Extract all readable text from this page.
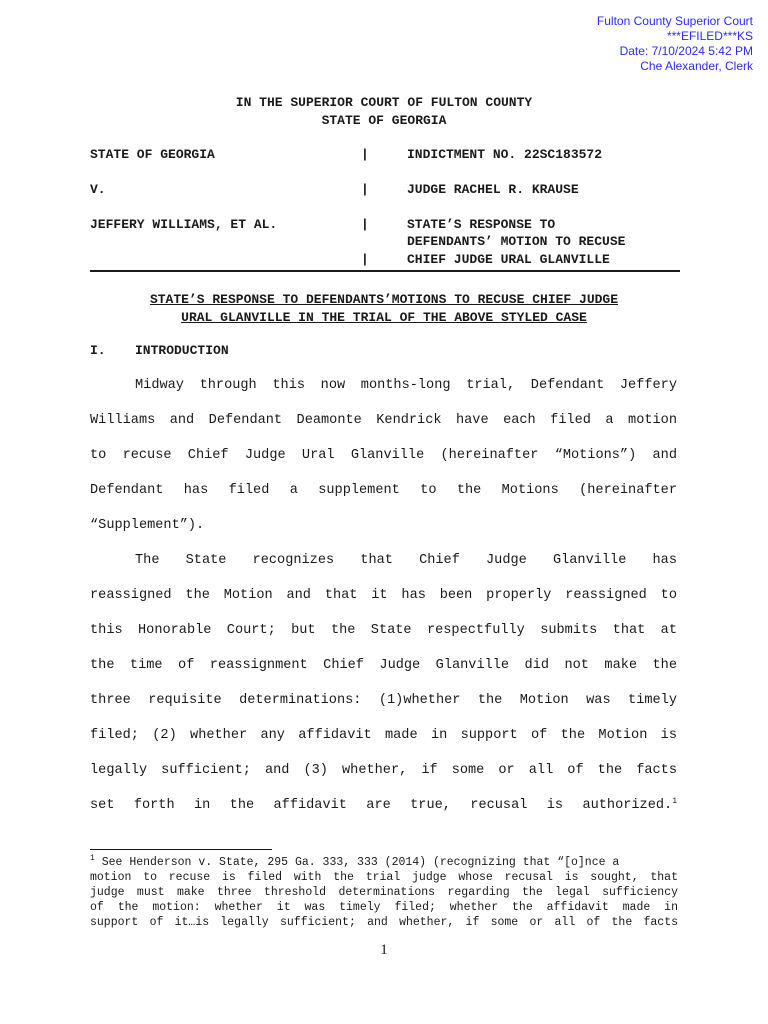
Fulton County Superior Court
***EFILED***KS
Date: 7/10/2024 5:42 PM
Che Alexander, Clerk
IN THE SUPERIOR COURT OF FULTON COUNTY
STATE OF GEORGIA
STATE OF GEORGIA	|	INDICTMENT NO. 22SC183572
V.	|	JUDGE RACHEL R. KRAUSE
JEFFERY WILLIAMS, ET AL.	|	STATE’S RESPONSE TO
DEFENDANTS’ MOTION TO RECUSE
|	CHIEF JUDGE URAL GLANVILLE
STATE’S RESPONSE TO DEFENDANTS’MOTIONS TO RECUSE CHIEF JUDGE
URAL GLANVILLE IN THE TRIAL OF THE ABOVE STYLED CASE
I. INTRODUCTION
Midway through this now months-long trial, Defendant Jeffery
Williams and Defendant Deamonte Kendrick have each filed a motion
to recuse Chief Judge Ural Glanville (hereinafter “Motions”) and
Defendant has filed a supplement to the Motions (hereinafter
“Supplement”).
The State recognizes that Chief Judge Glanville has
reassigned the Motion and that it has been properly reassigned to
this Honorable Court; but the State respectfully submits that at
the time of reassignment Chief Judge Glanville did not make the
three requisite determinations: (1)whether the Motion was timely
filed; (2) whether any affidavit made in support of the Motion is
legally sufficient; and (3) whether, if some or all of the facts
set forth in the affidavit are true, recusal is authorized.$^1$
$^1$ See Henderson v. State, 295 Ga. 333, 333 (2014) (recognizing that “[o]nce a
motion to recuse is filed with the trial judge whose recusal is sought, that
judge must make three threshold determinations regarding the legal sufficiency
of the motion: whether it was timely filed; whether the affidavit made in
support of it…is legally sufficient; and whether, if some or all of the facts
1
